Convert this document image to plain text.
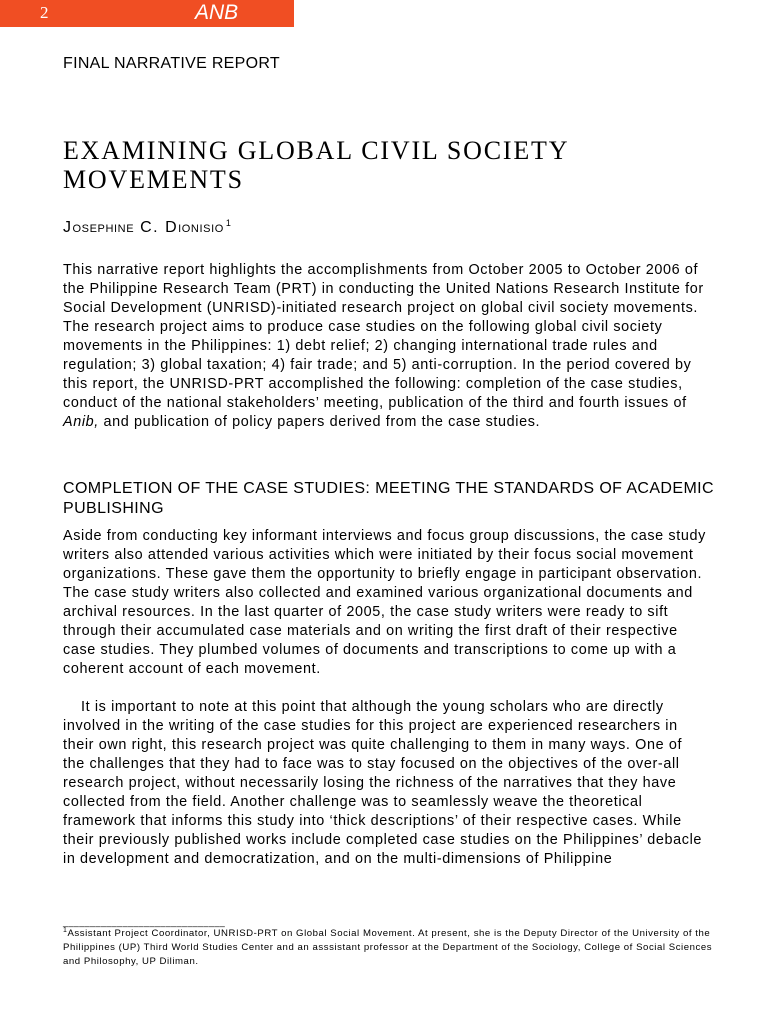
2	ANB
FINAL NARRATIVE REPORT
EXAMINING GLOBAL CIVIL SOCIETY MOVEMENTS
JOSEPHINE C. DIONISIO $^1$

This narrative report highlights the accomplishments from October 2005 to October 2006 of the Philippine Research Team (PRT) in conducting the United Nations Research Institute for Social Development (UNRISD)-initiated research project on global civil society movements. The research project aims to produce case studies on the following global civil society movements in the Philippines: 1) debt relief; 2) changing international trade rules and regulation; 3) global taxation; 4) fair trade; and 5) anti-corruption. In the period covered by this report, the UNRISD-PRT accomplished the following: completion of the case studies, conduct of the national stakeholders’ meeting, publication of the third and fourth issues of Anib, and publication of policy papers derived from the case studies.

COMPLETION OF THE CASE STUDIES: MEETING THE STANDARDS OF ACADEMIC PUBLISHING

Aside from conducting key informant interviews and focus group discussions, the case study writers also attended various activities which were initiated by their focus social movement organizations. These gave them the opportunity to briefly engage in participant observation. The case study writers also collected and examined various organizational documents and archival resources. In the last quarter of 2005, the case study writers were ready to sift through their accumulated case materials and on writing the first draft of their respective case studies. They plumbed volumes of documents and transcriptions to come up with a coherent account of each movement.

It is important to note at this point that although the young scholars who are directly involved in the writing of the case studies for this project are experienced researchers in their own right, this research project was quite challenging to them in many ways. One of the challenges that they had to face was to stay focused on the objectives of the over-all research project, without necessarily losing the richness of the narratives that they have collected from the field. Another challenge was to seamlessly weave the theoretical framework that informs this study into ‘thick descriptions’ of their respective cases. While their previously published works include completed case studies on the Philippines’ debacle in development and democratization, and on the multi-dimensions of Philippine

______________________________

$^1$Assistant Project Coordinator, UNRISD-PRT on Global Social Movement. At present, she is the Deputy Director of the University of the Philippines (UP) Third World Studies Center and an asssistant professor at the Department of the Sociology, College of Social Sciences and Philosophy, UP Diliman.
